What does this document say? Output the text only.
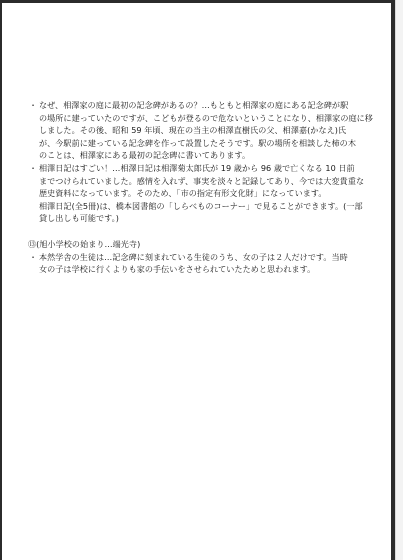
・ なぜ、相澤家の庭に最初の記念碑があるの？…もともと相澤家の庭にある記念碑が駅
の場所に建っていたのですが、こどもが登るので危ないということになり、相澤家の庭に移
しました。その後、昭和 59 年頃、現在の当主の相澤直樹氏の父、相澤嘉(かなえ)氏
が、今駅前に建っている記念碑を作って設置したそうです。駅の場所を相談した柿の木
のことは、相澤家にある最初の記念碑に書いてあります。
・ 相澤日記はすごい！…相澤日記は相澤菊太郎氏が 19 歳から 96 歳で亡くなる 10 日前
までつけられていました。感情を入れず、事実を淡々と記録してあり、今では大変貴重な
歴史資料になっています。そのため、「市の指定有形文化財」になっています。
相澤日記(全5冊)は、橋本図書館の「しらべものコーナー」で見ることができます。(一部
貸し出しも可能です。)
⑬(旭小学校の始まり…端光寺)
・ 本然学舎の生徒は…記念碑に刻まれている生徒のうち、女の子は２人だけです。当時
女の子は学校に行くよりも家の手伝いをさせられていたためと思われます。
